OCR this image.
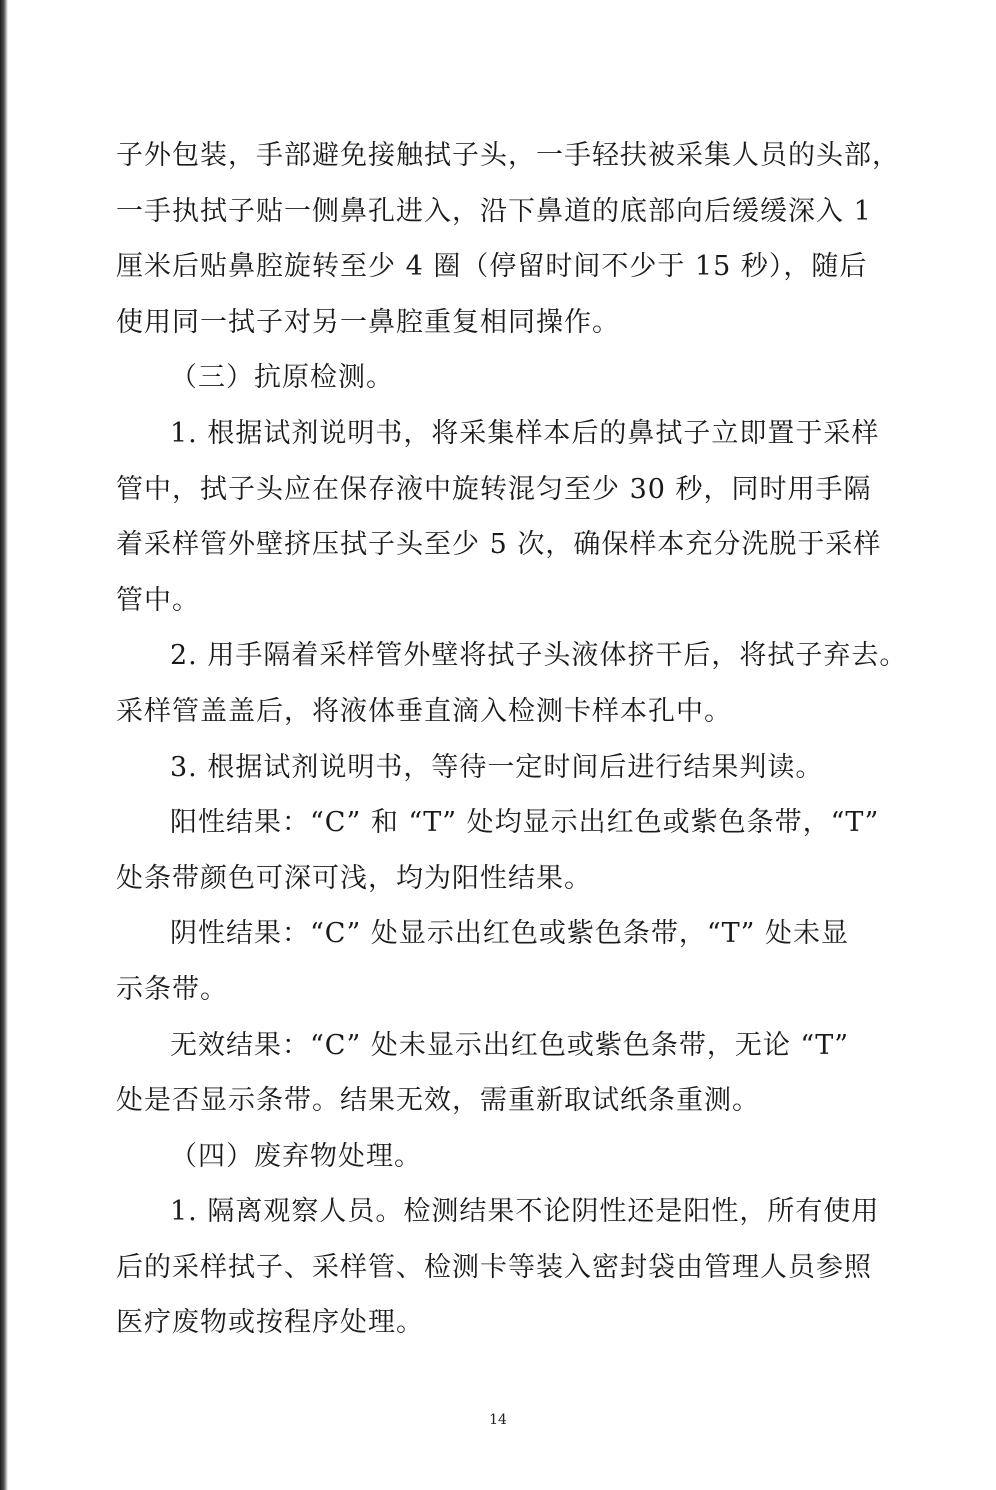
子外包装，手部避免接触拭子头，一手轻扶被采集人员的头部，

一手执拭子贴一侧鼻孔进入，沿下鼻道的底部向后缓缓深入 1

厘米后贴鼻腔旋转至少 4 圈（停留时间不少于 15 秒），随后

使用同一拭子对另一鼻腔重复相同操作。

（三）抗原检测。

1. 根据试剂说明书，将采集样本后的鼻拭子立即置于采样

管中，拭子头应在保存液中旋转混匀至少 30 秒，同时用手隔

着采样管外壁挤压拭子头至少 5 次，确保样本充分洗脱于采样

管中。

2. 用手隔着采样管外壁将拭子头液体挤干后，将拭子弃去。

采样管盖盖后，将液体垂直滴入检测卡样本孔中。

3. 根据试剂说明书，等待一定时间后进行结果判读。

阳性结果：“C” 和 “T” 处均显示出红色或紫色条带，“T”

处条带颜色可深可浅，均为阳性结果。

阴性结果：“C” 处显示出红色或紫色条带，“T” 处未显

示条带。

无效结果：“C” 处未显示出红色或紫色条带，无论 “T”

处是否显示条带。结果无效，需重新取试纸条重测。

（四）废弃物处理。

1. 隔离观察人员。检测结果不论阴性还是阳性，所有使用

后的采样拭子、采样管、检测卡等装入密封袋由管理人员参照

医疗废物或按程序处理。

14
